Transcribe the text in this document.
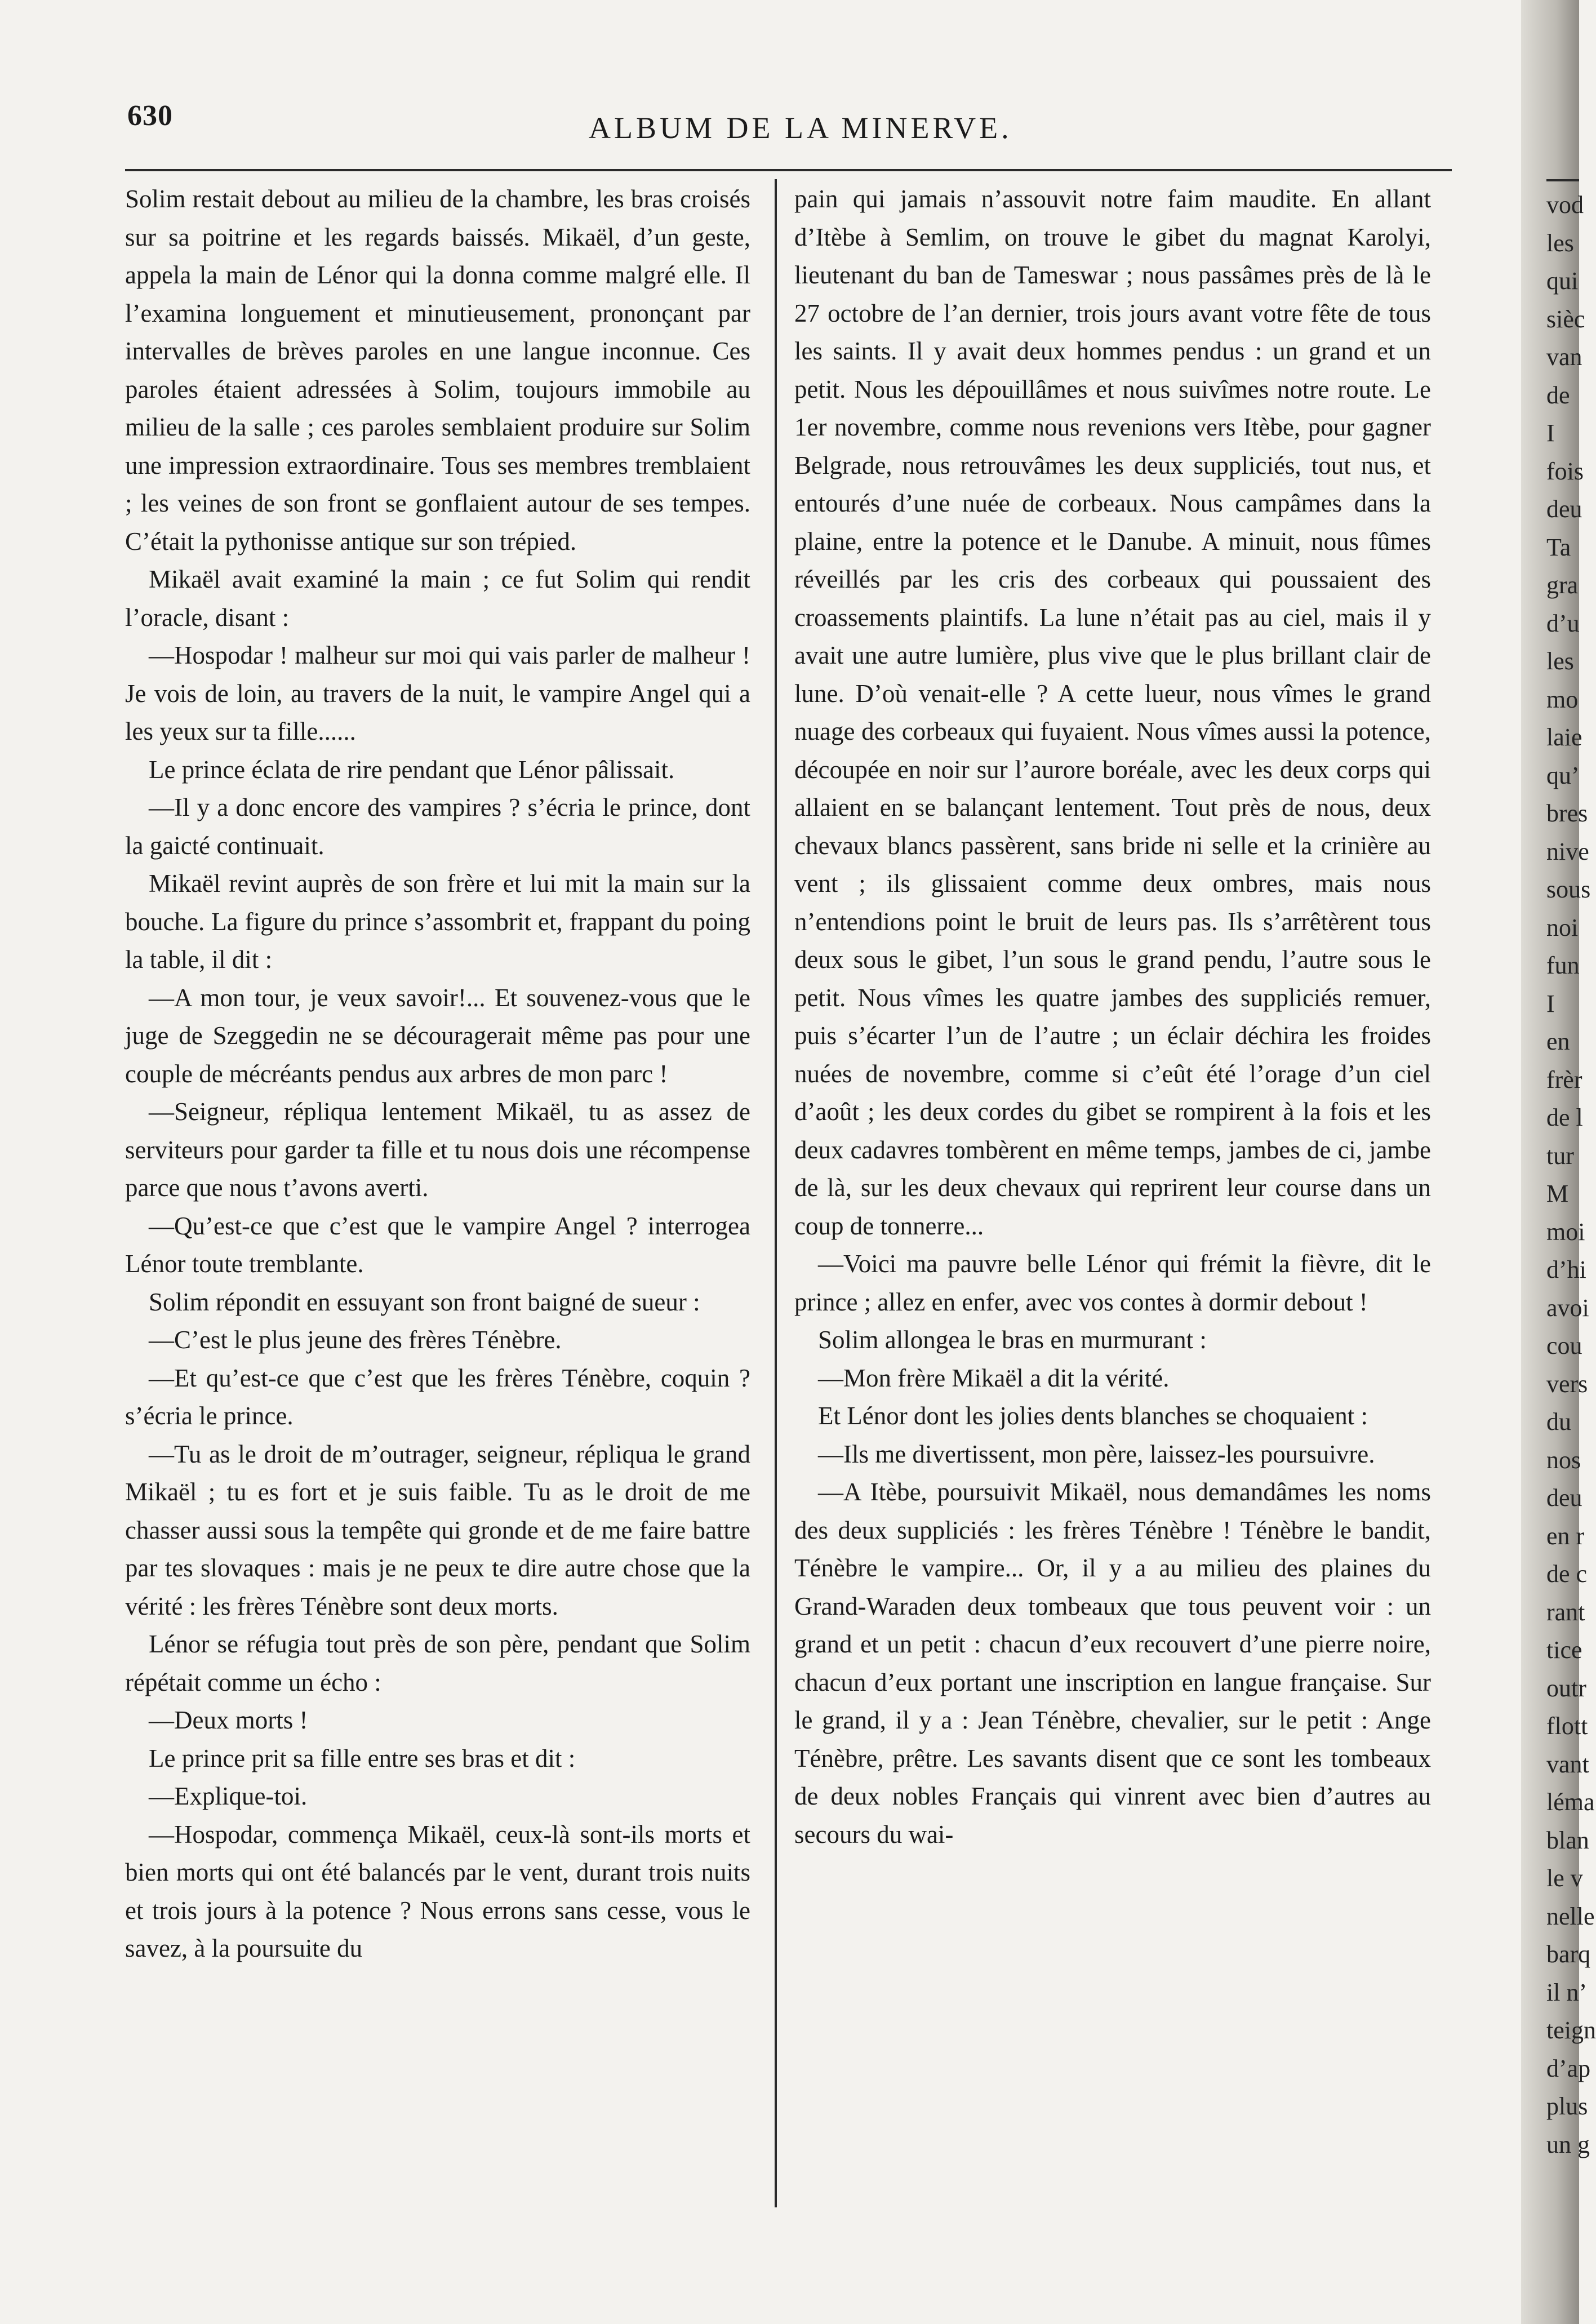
630	ALBUM DE LA MINERVE.

Solim restait debout au milieu de la chambre, les bras croisés sur sa poitrine et les regards baissés. Mikaël, d’un geste, appela la main de Lénor qui la donna comme malgré elle. Il l’examina longuement et minutieusement, prononçant par intervalles de brèves paroles en une langue inconnue. Ces paroles étaient adressées à Solim, toujours immobile au milieu de la salle ; ces paroles semblaient produire sur Solim une impression extraordinaire. Tous ses membres tremblaient ; les veines de son front se gonflaient autour de ses tempes. C’était la pythonisse antique sur son trépied.

Mikaël avait examiné la main ; ce fut Solim qui rendit l’oracle, disant :

—Hospodar ! malheur sur moi qui vais parler de malheur ! Je vois de loin, au travers de la nuit, le vampire Angel qui a les yeux sur ta fille......

Le prince éclata de rire pendant que Lénor pâlissait.

—Il y a donc encore des vampires ? s’écria le prince, dont la gaicté continuait.

Mikaël revint auprès de son frère et lui mit la main sur la bouche. La figure du prince s’assombrit et, frappant du poing la table, il dit :

—A mon tour, je veux savoir!... Et souvenez-vous que le juge de Szeggedin ne se découragerait même pas pour une couple de mécréants pendus aux arbres de mon parc !

—Seigneur, répliqua lentement Mikaël, tu as assez de serviteurs pour garder ta fille et tu nous dois une récompense parce que nous t’avons averti.

—Qu’est-ce que c’est que le vampire Angel ? interrogea Lénor toute tremblante.

Solim répondit en essuyant son front baigné de sueur :

—C’est le plus jeune des frères Ténèbre.

—Et qu’est-ce que c’est que les frères Ténèbre, coquin ? s’écria le prince.

—Tu as le droit de m’outrager, seigneur, répliqua le grand Mikaël ; tu es fort et je suis faible. Tu as le droit de me chasser aussi sous la tempête qui gronde et de me faire battre par tes slovaques : mais je ne peux te dire autre chose que la vérité : les frères Ténèbre sont deux morts.

Lénor se réfugia tout près de son père, pendant que Solim répétait comme un écho :

—Deux morts !

Le prince prit sa fille entre ses bras et dit :

—Explique-toi.

—Hospodar, commença Mikaël, ceux-là sont-ils morts et bien morts qui ont été balancés par le vent, durant trois nuits et trois jours à la potence ? Nous errons sans cesse, vous le savez, à la poursuite du

pain qui jamais n’assouvit notre faim maudite. En allant d’Itèbe à Semlim, on trouve le gibet du magnat Karolyi, lieutenant du ban de Tameswar ; nous passâmes près de là le 27 octobre de l’an dernier, trois jours avant votre fête de tous les saints. Il y avait deux hommes pendus : un grand et un petit. Nous les dépouillâmes et nous suivîmes notre route. Le 1er novembre, comme nous revenions vers Itèbe, pour gagner Belgrade, nous retrouvâmes les deux suppliciés, tout nus, et entourés d’une nuée de corbeaux. Nous campâmes dans la plaine, entre la potence et le Danube. A minuit, nous fûmes réveillés par les cris des corbeaux qui poussaient des croassements plaintifs. La lune n’était pas au ciel, mais il y avait une autre lumière, plus vive que le plus brillant clair de lune. D’où venait-elle ? A cette lueur, nous vîmes le grand nuage des corbeaux qui fuyaient. Nous vîmes aussi la potence, découpée en noir sur l’aurore boréale, avec les deux corps qui allaient en se balançant lentement. Tout près de nous, deux chevaux blancs passèrent, sans bride ni selle et la crinière au vent ; ils glissaient comme deux ombres, mais nous n’entendions point le bruit de leurs pas. Ils s’arrêtèrent tous deux sous le gibet, l’un sous le grand pendu, l’autre sous le petit. Nous vîmes les quatre jambes des suppliciés remuer, puis s’écarter l’un de l’autre ; un éclair déchira les froides nuées de novembre, comme si c’eût été l’orage d’un ciel d’août ; les deux cordes du gibet se rompirent à la fois et les deux cadavres tombèrent en même temps, jambes de ci, jambe de là, sur les deux chevaux qui reprirent leur course dans un coup de tonnerre...

—Voici ma pauvre belle Lénor qui frémit la fièvre, dit le prince ; allez en enfer, avec vos contes à dormir debout !

Solim allongea le bras en murmurant :

—Mon frère Mikaël a dit la vérité.

Et Lénor dont les jolies dents blanches se choquaient :

—Ils me divertissent, mon père, laissez-les poursuivre.

—A Itèbe, poursuivit Mikaël, nous demandâmes les noms des deux suppliciés : les frères Ténèbre ! Ténèbre le bandit, Ténèbre le vampire... Or, il y a au milieu des plaines du Grand-Waraden deux tombeaux que tous peuvent voir : un grand et un petit : chacun d’eux recouvert d’une pierre noire, chacun d’eux portant une inscription en langue française. Sur le grand, il y a : Jean Ténèbre, chevalier, sur le petit : Ange Ténèbre, prêtre. Les savants disent que ce sont les tombeaux de deux nobles Français qui vinrent avec bien d’autres au secours du wai-

vod
les
qui
sièc
van
de
I
fois
deu
Ta
gra
d’u
les
mo
laie
qu’
bres
nive
sous
noi
fun
I
en
frèr
de l
tur
M
moi
d’hi
avoi
cou
vers
du
nos
deu
en r
de c
rant
tice
outr
flott
vant
léma
blan
le v
nelle
barq
il n’
teign
d’ap
plus
un g
